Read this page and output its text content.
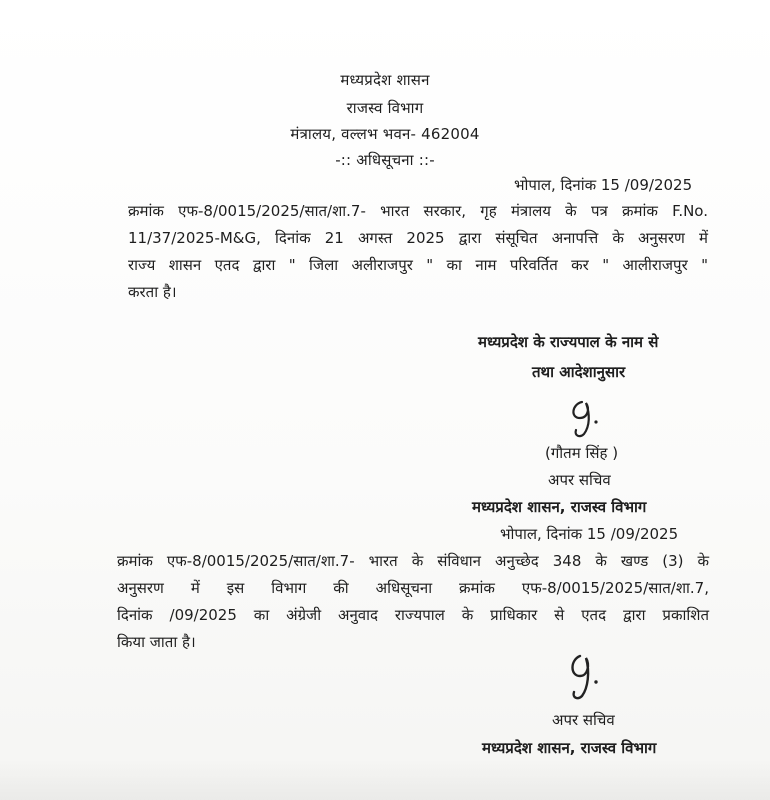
मध्यप्रदेश शासन
राजस्व विभाग
मंत्रालय, वल्लभ भवन- 462004
-:: अधिसूचना ::-
भोपाल, दिनांक 15 /09/2025
क्रमांक एफ-8/0015/2025/सात/शा.7- भारत सरकार, गृह मंत्रालय के पत्र क्रमांक F.No.
11/37/2025-M&G, दिनांक 21 अगस्त 2025 द्वारा संसूचित अनापत्ति के अनुसरण में
राज्य शासन एतद द्वारा " जिला अलीराजपुर " का नाम परिवर्तित कर " आलीराजपुर "
करता है।
मध्यप्रदेश के राज्यपाल के नाम से
तथा आदेशानुसार
(गौतम सिंह )
अपर सचिव
मध्यप्रदेश शासन, राजस्व विभाग
भोपाल, दिनांक 15 /09/2025
क्रमांक एफ-8/0015/2025/सात/शा.7- भारत के संविधान अनुच्छेद 348 के खण्ड (3) के
अनुसरण में इस विभाग की अधिसूचना क्रमांक एफ-8/0015/2025/सात/शा.7,
दिनांक /09/2025 का अंग्रेजी अनुवाद राज्यपाल के प्राधिकार से एतद द्वारा प्रकाशित
किया जाता है।
अपर सचिव
मध्यप्रदेश शासन, राजस्व विभाग
